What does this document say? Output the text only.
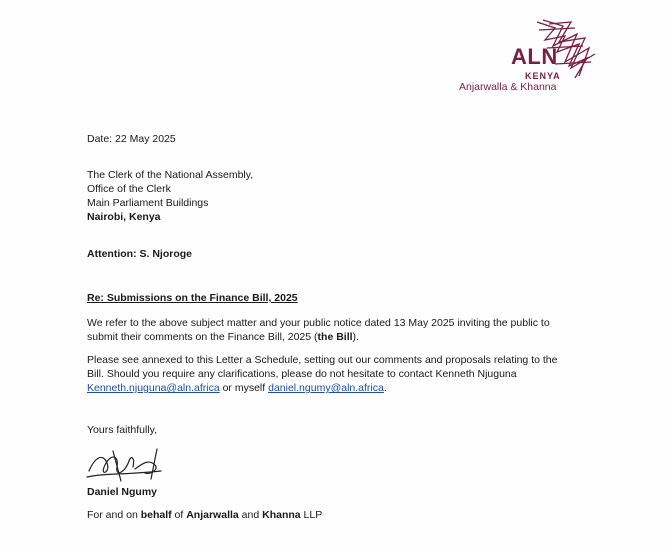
ALN
KENYA
Anjarwalla & Khanna
Date: 22 May 2025
The Clerk of the National Assembly,
Office of the Clerk
Main Parliament Buildings
Nairobi, Kenya
Attention: S. Njoroge
Re: Submissions on the Finance Bill, 2025
We refer to the above subject matter and your public notice dated 13 May 2025 inviting the public to
submit their comments on the Finance Bill, 2025 (the Bill).
Please see annexed to this Letter a Schedule, setting out our comments and proposals relating to the
Bill. Should you require any clarifications, please do not hesitate to contact Kenneth Njuguna
Kenneth.njuguna@aln.africa or myself daniel.ngumy@aln.africa.
Yours faithfully,
Daniel Ngumy
For and on behalf of Anjarwalla and Khanna LLP
